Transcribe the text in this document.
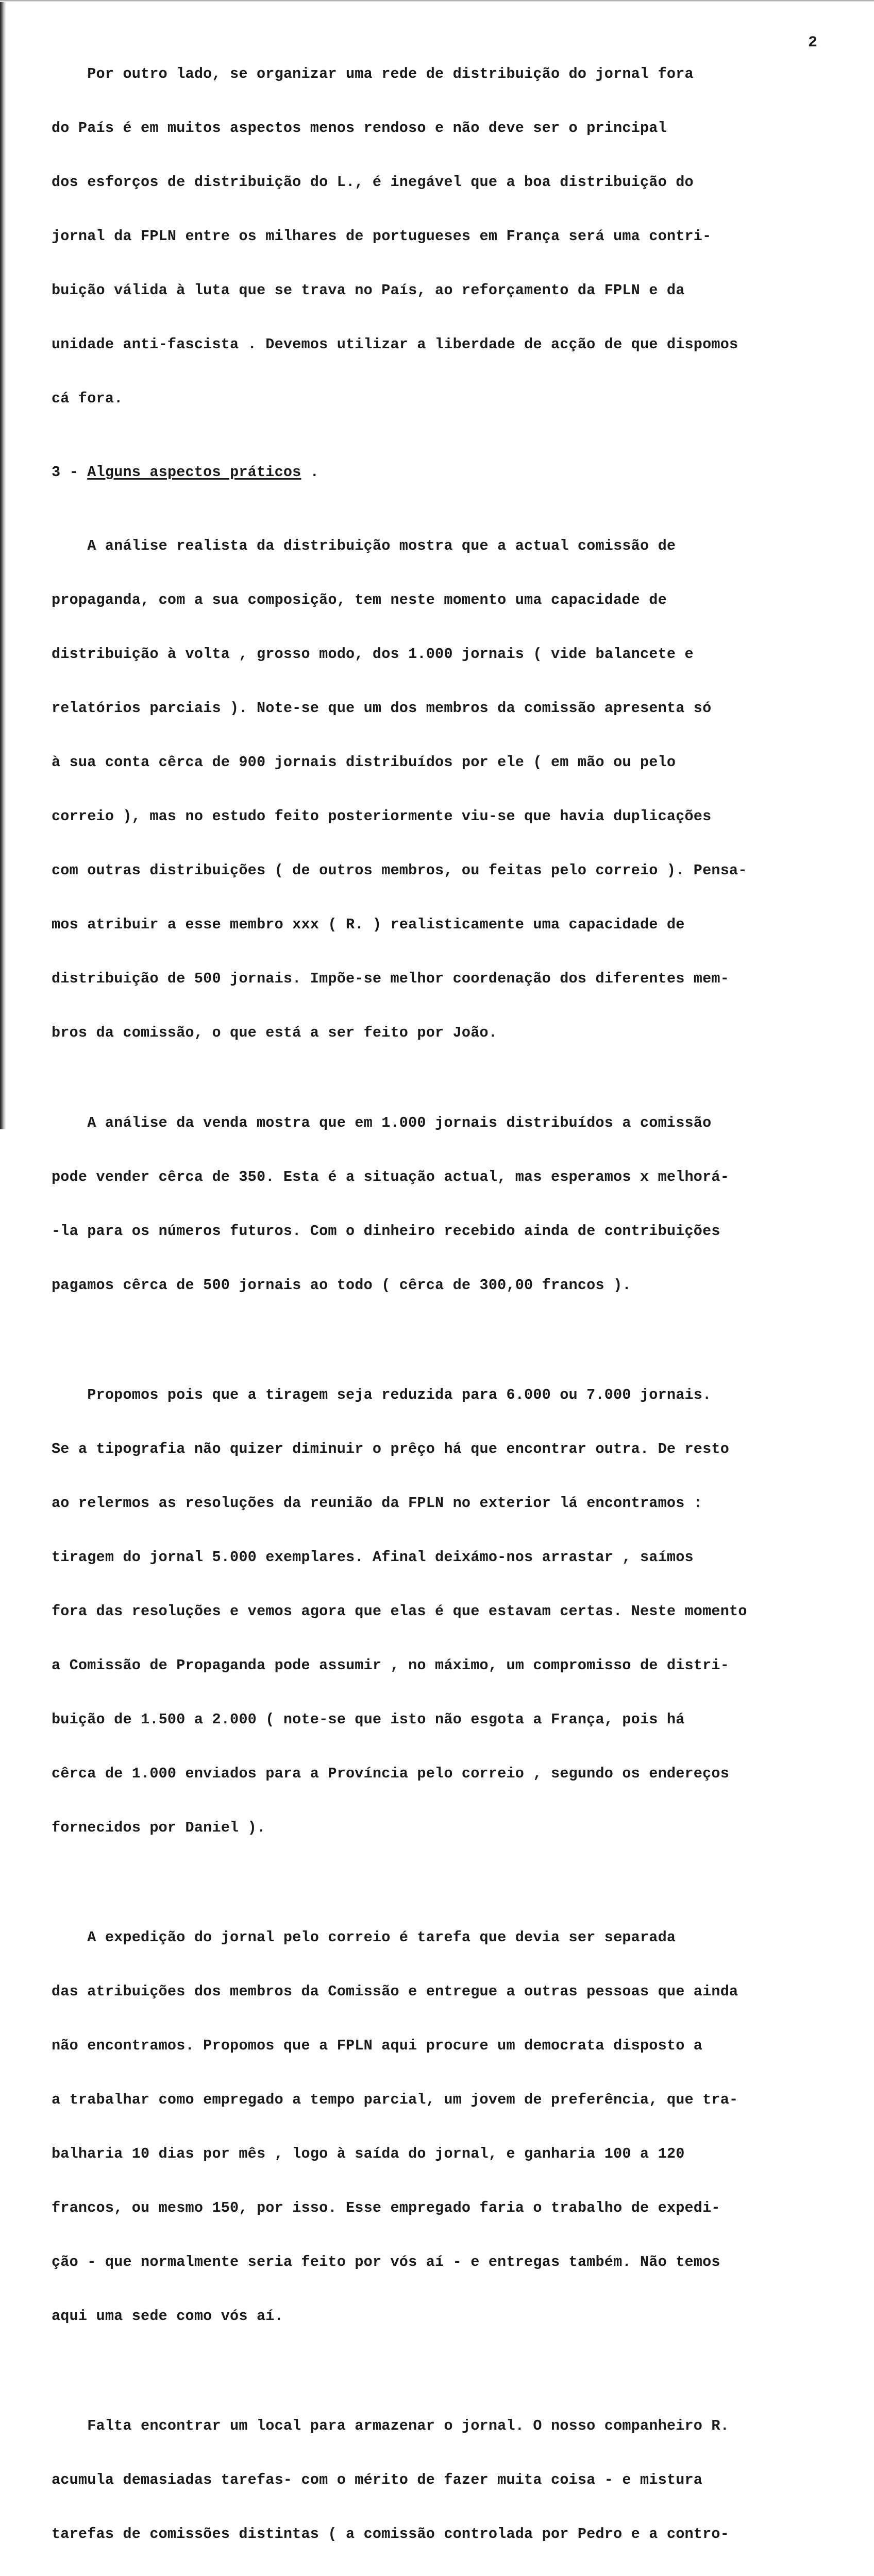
2

Por outro lado, se organizar uma rede de distribuição do jornal fora

do País é em muitos aspectos menos rendoso e não deve ser o principal

dos esforços de distribuição do L., é inegável que a boa distribuição do

jornal da FPLN entre os milhares de portugueses em França será uma contri-

buição válida à luta que se trava no País, ao reforçamento da FPLN e da

unidade anti-fascista . Devemos utilizar a liberdade de acção de que dispomos

cá fora.

3 - Alguns aspectos práticos .

A análise realista da distribuição mostra que a actual comissão de

propaganda, com a sua composição, tem neste momento uma capacidade de

distribuição à volta , grosso modo, dos 1.000 jornais ( vide balancete e

relatórios parciais ). Note-se que um dos membros da comissão apresenta só

à sua conta cêrca de 900 jornais distribuídos por ele ( em mão ou pelo

correio ), mas no estudo feito posteriormente viu-se que havia duplicações

com outras distribuições ( de outros membros, ou feitas pelo correio ). Pensa-

mos atribuir a esse membro xxx ( R. ) realisticamente uma capacidade de

distribuição de 500 jornais. Impõe-se melhor coordenação dos diferentes mem-

bros da comissão, o que está a ser feito por João.

A análise da venda mostra que em 1.000 jornais distribuídos a comissão

pode vender cêrca de 350. Esta é a situação actual, mas esperamos x melhorá-

-la para os números futuros. Com o dinheiro recebido ainda de contribuições

pagamos cêrca de 500 jornais ao todo ( cêrca de 300,00 francos ).

Propomos pois que a tiragem seja reduzida para 6.000 ou 7.000 jornais.

Se a tipografia não quizer diminuir o prêço há que encontrar outra. De resto

ao relermos as resoluções da reunião da FPLN no exterior lá encontramos :

tiragem do jornal 5.000 exemplares. Afinal deixámo-nos arrastar , saímos

fora das resoluções e vemos agora que elas é que estavam certas. Neste momento

a Comissão de Propaganda pode assumir , no máximo, um compromisso de distri-

buição de 1.500 a 2.000 ( note-se que isto não esgota a França, pois há

cêrca de 1.000 enviados para a Província pelo correio , segundo os endereços

fornecidos por Daniel ).

A expedição do jornal pelo correio é tarefa que devia ser separada

das atribuições dos membros da Comissão e entregue a outras pessoas que ainda

não encontramos. Propomos que a FPLN aqui procure um democrata disposto a

a trabalhar como empregado a tempo parcial, um jovem de preferência, que tra-

balharia 10 dias por mês , logo à saída do jornal, e ganharia 100 a 120

francos, ou mesmo 150, por isso. Esse empregado faria o trabalho de expedi-

ção - que normalmente seria feito por vós aí - e entregas também. Não temos

aqui uma sede como vós aí.

Falta encontrar um local para armazenar o jornal. O nosso companheiro R.

acumula demasiadas tarefas- com o mérito de fazer muita coisa - e mistura

tarefas de comissões distintas ( a comissão controlada por Pedro e a contro-
